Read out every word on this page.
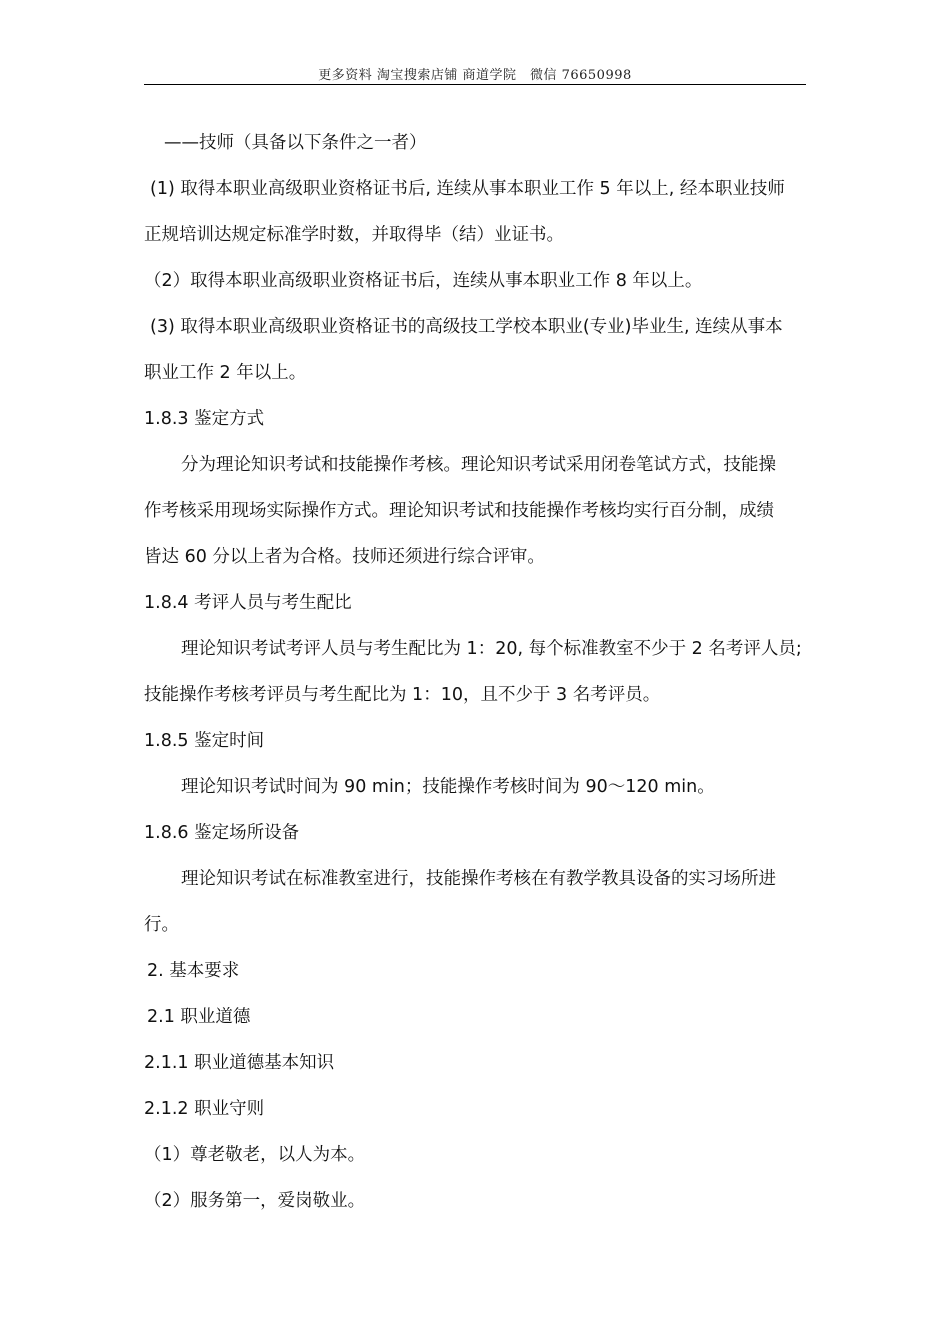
更多资料 淘宝搜索店铺 商道学院　微信 76650998
——技师（具备以下条件之一者）
(1) 取得本职业高级职业资格证书后, 连续从事本职业工作 5 年以上, 经本职业技师
正规培训达规定标准学时数，并取得毕（结）业证书。
（2）取得本职业高级职业资格证书后，连续从事本职业工作 8 年以上。
(3) 取得本职业高级职业资格证书的高级技工学校本职业(专业)毕业生, 连续从事本
职业工作 2 年以上。
1.8.3 鉴定方式
分为理论知识考试和技能操作考核。理论知识考试采用闭卷笔试方式，技能操
作考核采用现场实际操作方式。理论知识考试和技能操作考核均实行百分制，成绩
皆达 60 分以上者为合格。技师还须进行综合评审。
1.8.4 考评人员与考生配比
理论知识考试考评人员与考生配比为 1：20, 每个标准教室不少于 2 名考评人员;
技能操作考核考评员与考生配比为 1：10，且不少于 3 名考评员。
1.8.5 鉴定时间
理论知识考试时间为 90 min；技能操作考核时间为 90～120 min。
1.8.6 鉴定场所设备
理论知识考试在标准教室进行，技能操作考核在有教学教具设备的实习场所进
行。
2. 基本要求
2.1 职业道德
2.1.1 职业道德基本知识
2.1.2 职业守则
（1）尊老敬老，以人为本。
（2）服务第一，爱岗敬业。
